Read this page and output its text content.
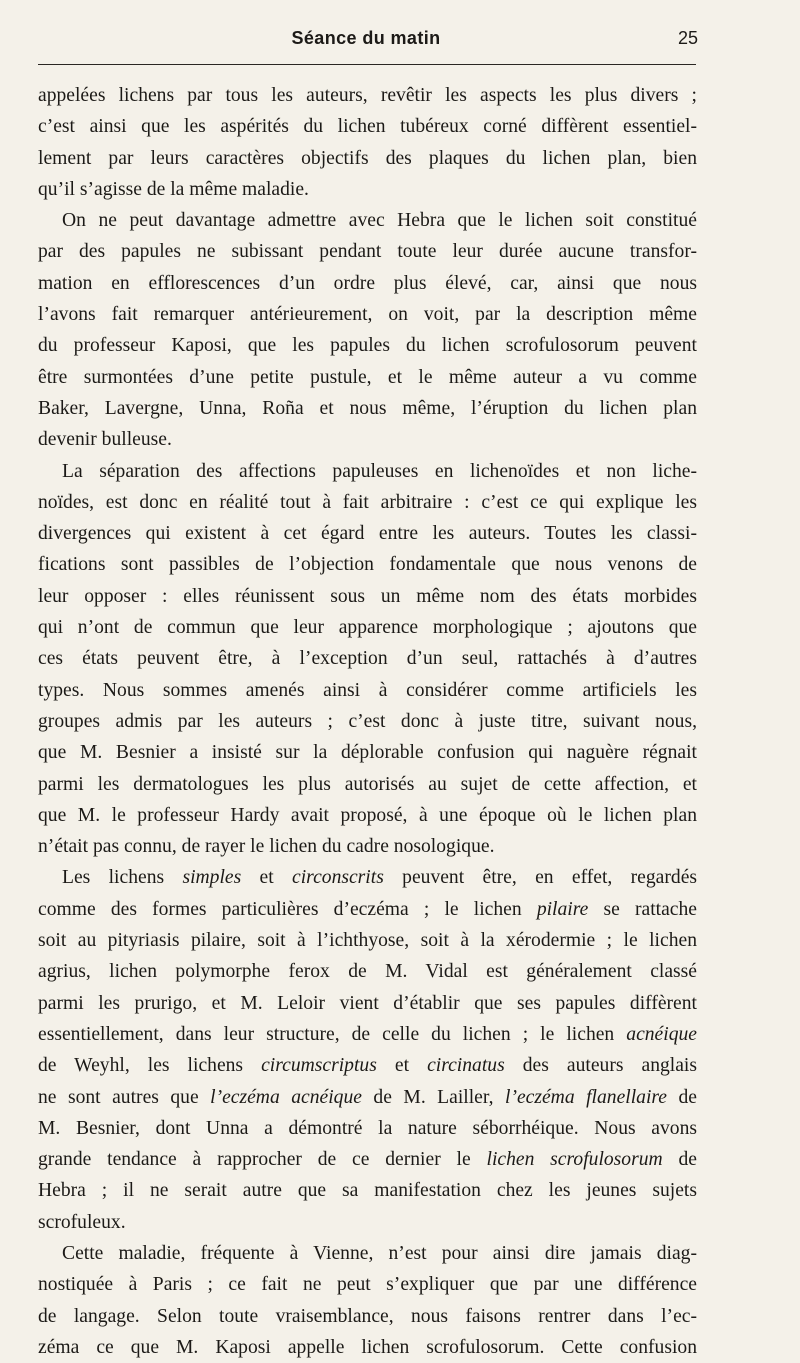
Séance du matin	25
appelées lichens par tous les auteurs, revêtir les aspects les plus divers ;
c’est ainsi que les aspérités du lichen tubéreux corné diffèrent essentiel-
lement par leurs caractères objectifs des plaques du lichen plan, bien
qu’il s’agisse de la même maladie.
On ne peut davantage admettre avec Hebra que le lichen soit constitué
par des papules ne subissant pendant toute leur durée aucune transfor-
mation en efflorescences d’un ordre plus élevé, car, ainsi que nous
l’avons fait remarquer antérieurement, on voit, par la description même
du professeur Kaposi, que les papules du lichen scrofulosorum peuvent
être surmontées d’une petite pustule, et le même auteur a vu comme
Baker, Lavergne, Unna, Roña et nous même, l’éruption du lichen plan
devenir bulleuse.
La séparation des affections papuleuses en lichenoïdes et non liche-
noïdes, est donc en réalité tout à fait arbitraire : c’est ce qui explique les
divergences qui existent à cet égard entre les auteurs. Toutes les classi-
fications sont passibles de l’objection fondamentale que nous venons de
leur opposer : elles réunissent sous un même nom des états morbides
qui n’ont de commun que leur apparence morphologique ; ajoutons que
ces états peuvent être, à l’exception d’un seul, rattachés à d’autres
types. Nous sommes amenés ainsi à considérer comme artificiels les
groupes admis par les auteurs ; c’est donc à juste titre, suivant nous,
que M. Besnier a insisté sur la déplorable confusion qui naguère régnait
parmi les dermatologues les plus autorisés au sujet de cette affection, et
que M. le professeur Hardy avait proposé, à une époque où le lichen plan
n’était pas connu, de rayer le lichen du cadre nosologique.
Les lichens simples et circonscrits peuvent être, en effet, regardés
comme des formes particulières d’eczéma ; le lichen pilaire se rattache
soit au pityriasis pilaire, soit à l’ichthyose, soit à la xérodermie ; le lichen
agrius, lichen polymorphe ferox de M. Vidal est généralement classé
parmi les prurigo, et M. Leloir vient d’établir que ses papules diffèrent
essentiellement, dans leur structure, de celle du lichen ; le lichen acnéique
de Weyhl, les lichens circumscriptus et circinatus des auteurs anglais
ne sont autres que l’eczéma acnéique de M. Lailler, l’eczéma flanellaire de
M. Besnier, dont Unna a démontré la nature séborrhéique. Nous avons
grande tendance à rapprocher de ce dernier le lichen scrofulosorum de
Hebra ; il ne serait autre que sa manifestation chez les jeunes sujets
scrofuleux.
Cette maladie, fréquente à Vienne, n’est pour ainsi dire jamais diag-
nostiquée à Paris ; ce fait ne peut s’expliquer que par une différence
de langage. Selon toute vraisemblance, nous faisons rentrer dans l’ec-
zéma ce que M. Kaposi appelle lichen scrofulosorum. Cette confusion
